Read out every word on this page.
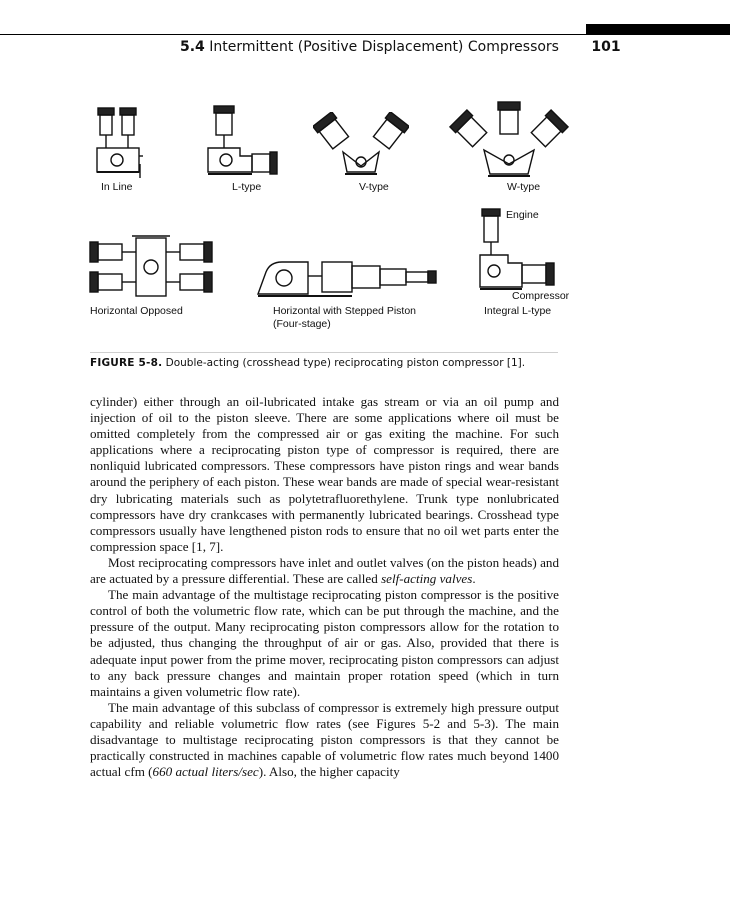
5.4 Intermittent (Positive Displacement) Compressors	101
In Line	L-type	V-type	W-type
Horizontal Opposed	Horizontal with Stepped Piston
(Four-stage)
Engine
Compressor
Integral L-type
FIGURE 5-8. Double-acting (crosshead type) reciprocating piston compressor [1].

cylinder) either through an oil-lubricated intake gas stream or via an oil pump and injection of oil to the piston sleeve. There are some applications where oil must be omitted completely from the compressed air or gas exiting the machine. For such applications where a reciprocating piston type of compressor is required, there are nonliquid lubricated compressors. These compressors have piston rings and wear bands around the periphery of each piston. These wear bands are made of special wear-resistant dry lubricating materials such as polytetrafluorethylene. Trunk type nonlubricated compressors have dry crankcases with permanently lubricated bearings. Crosshead type compressors usually have lengthened piston rods to ensure that no oil wet parts enter the compression space [1, 7].

Most reciprocating compressors have inlet and outlet valves (on the piston heads) and are actuated by a pressure differential. These are called self-acting valves.

The main advantage of the multistage reciprocating piston compressor is the positive control of both the volumetric flow rate, which can be put through the machine, and the pressure of the output. Many reciprocating piston compressors allow for the rotation to be adjusted, thus changing the throughput of air or gas. Also, provided that there is adequate input power from the prime mover, reciprocating piston compressors can adjust to any back pressure changes and maintain proper rotation speed (which in turn maintains a given volumetric flow rate).

The main advantage of this subclass of compressor is extremely high pressure output capability and reliable volumetric flow rates (see Figures 5-2 and 5-3). The main disadvantage to multistage reciprocating piston compressors is that they cannot be practically constructed in machines capable of volumetric flow rates much beyond 1400 actual cfm (660 actual liters/sec). Also, the higher capacity
